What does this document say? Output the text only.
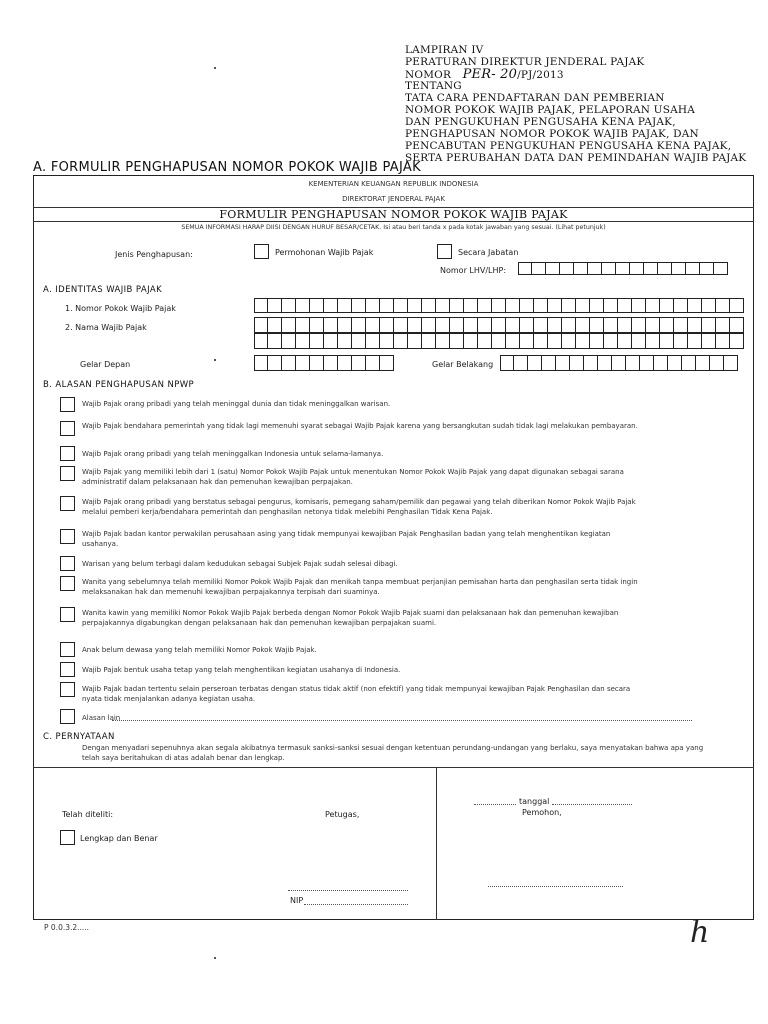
LAMPIRAN IV
PERATURAN DIREKTUR JENDERAL PAJAK
NOMOR PER- 20/PJ/2013
TENTANG
TATA CARA PENDAFTARAN DAN PEMBERIAN
NOMOR POKOK WAJIB PAJAK, PELAPORAN USAHA
DAN PENGUKUHAN PENGUSAHA KENA PAJAK,
PENGHAPUSAN NOMOR POKOK WAJIB PAJAK, DAN
PENCABUTAN PENGUKUHAN PENGUSAHA KENA PAJAK,
SERTA PERUBAHAN DATA DAN PEMINDAHAN WAJIB PAJAK
A. FORMULIR PENGHAPUSAN NOMOR POKOK WAJIB PAJAK
KEMENTERIAN KEUANGAN REPUBLIK INDONESIA
DIREKTORAT JENDERAL PAJAK
FORMULIR PENGHAPUSAN NOMOR POKOK WAJIB PAJAK
SEMUA INFORMASI HARAP DIISI DENGAN HURUF BESAR/CETAK. Isi atau beri tanda x pada kotak jawaban yang sesuai. (Lihat petunjuk)
Jenis Penghapusan:	Permohonan Wajib Pajak	Secara Jabatan
Nomor LHV/LHP:
A. IDENTITAS WAJIB PAJAK
1. Nomor Pokok Wajib Pajak
2. Nama Wajib Pajak
Gelar Depan	Gelar Belakang
B. ALASAN PENGHAPUSAN NPWP
Wajib Pajak orang pribadi yang telah meninggal dunia dan tidak meninggalkan warisan.
Wajib Pajak bendahara pemerintah yang tidak lagi memenuhi syarat sebagai Wajib Pajak karena yang bersangkutan sudah tidak lagi melakukan pembayaran.
Wajib Pajak orang pribadi yang telah meninggalkan Indonesia untuk selama-lamanya.
Wajib Pajak yang memiliki lebih dari 1 (satu) Nomor Pokok Wajib Pajak untuk menentukan Nomor Pokok Wajib Pajak yang dapat digunakan sebagai sarana administratif dalam pelaksanaan hak dan pemenuhan kewajiban perpajakan.
Wajib Pajak orang pribadi yang berstatus sebagai pengurus, komisaris, pemegang saham/pemilik dan pegawai yang telah diberikan Nomor Pokok Wajib Pajak melalui pemberi kerja/bendahara pemerintah dan penghasilan netonya tidak melebihi Penghasilan Tidak Kena Pajak.
Wajib Pajak badan kantor perwakilan perusahaan asing yang tidak mempunyai kewajiban Pajak Penghasilan badan yang telah menghentikan kegiatan usahanya.
Warisan yang belum terbagi dalam kedudukan sebagai Subjek Pajak sudah selesai dibagi.
Wanita yang sebelumnya telah memiliki Nomor Pokok Wajib Pajak dan menikah tanpa membuat perjanjian pemisahan harta dan penghasilan serta tidak ingin melaksanakan hak dan memenuhi kewajiban perpajakannya terpisah dari suaminya.
Wanita kawin yang memiliki Nomor Pokok Wajib Pajak berbeda dengan Nomor Pokok Wajib Pajak suami dan pelaksanaan hak dan pemenuhan kewajiban perpajakannya digabungkan dengan pelaksanaan hak dan pemenuhan kewajiban perpajakan suami.
Anak belum dewasa yang telah memiliki Nomor Pokok Wajib Pajak.
Wajib Pajak bentuk usaha tetap yang telah menghentikan kegiatan usahanya di Indonesia.
Wajib Pajak badan tertentu selain perseroan terbatas dengan status tidak aktif (non efektif) yang tidak mempunyai kewajiban Pajak Penghasilan dan secara nyata tidak menjalankan adanya kegiatan usaha.
Alasan lain
C. PERNYATAAN
Dengan menyadari sepenuhnya akan segala akibatnya termasuk sanksi-sanksi sesuai dengan ketentuan perundang-undangan yang berlaku, saya menyatakan bahwa apa yang telah saya beritahukan di atas adalah benar dan lengkap.
Telah diteliti:	Petugas,
Lengkap dan Benar
NIP
tanggal
Pemohon,
P 0.0.3.2.....	h
